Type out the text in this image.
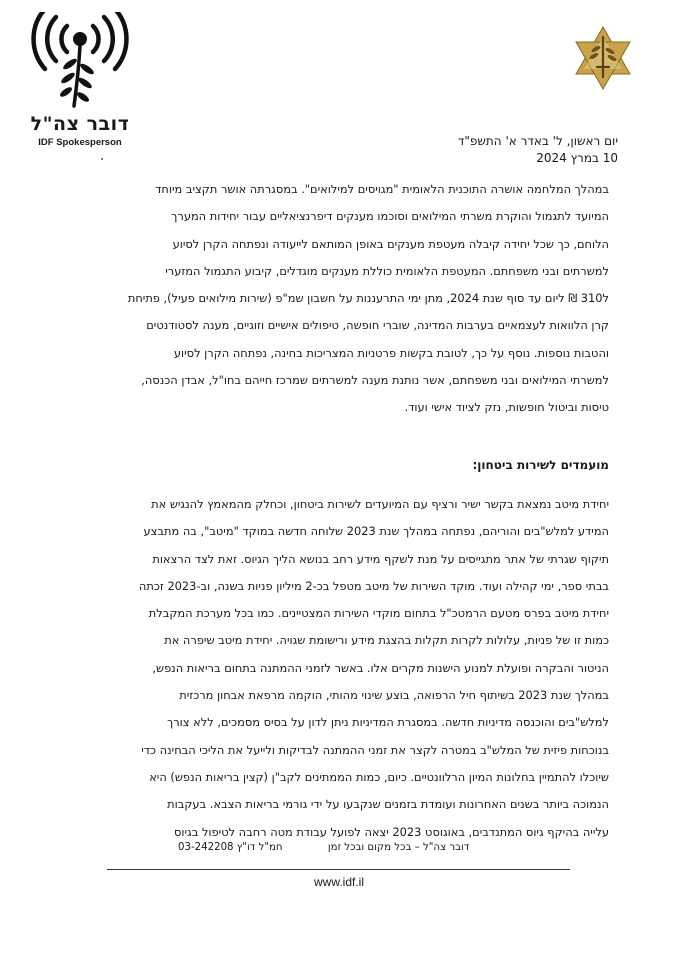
דובר צה"ל
IDF Spokesperson	יום ראשון, ל' באדר א' התשפ"ד
10 במרץ 2024
במהלך המלחמה אושרה התוכנית הלאומית "מגויסים למילואים". במסגרתה אושר תקציב מיוחד
המיועד לתגמול והוקרת משרתי המילואים וסוכמו מענקים דיפרנציאליים עבור יחידות המערך
הלוחם, כך שכל יחידה קיבלה מעטפת מענקים באופן המותאם לייעודה ונפתחה הקרן לסיוע
למשרתים ובני משפחתם. המעטפת הלאומית כוללת מענקים מוגדלים, קיבוע התגמול המזערי
ל310 ₪ ליום עד סוף שנת 2024, מתן ימי התרעננות על חשבון שמ"פ (שירות מילואים פעיל), פתיחת
קרן הלוואות לעצמאיים בערבות המדינה, שוברי חופשה, טיפולים אישיים וזוגיים, מענה לסטודנטים
והטבות נוספות. נוסף על כך, לטובת בקשות פרטניות המצריכות בחינה, נפתחה הקרן לסיוע
למשרתי המילואים ובני משפחתם, אשר נותנת מענה למשרתים שמרכז חייהם בחו"ל, אבדן הכנסה,
טיסות וביטול חופשות, נזק לציוד אישי ועוד.
מועמדים לשירות ביטחון:
יחידת מיטב נמצאת בקשר ישיר ורציף עם המיועדים לשירות ביטחון, וכחלק מהמאמץ להנגיש את
המידע למלש"בים והוריהם, נפתחה במהלך שנת 2023 שלוחה חדשה במוקד "מיטב", בה מתבצע
תיקוף שגרתי של אתר מתגייסים על מנת לשקף מידע רחב בנושא הליך הגיוס. זאת לצד הרצאות
בבתי ספר, ימי קהילה ועוד. מוקד השירות של מיטב מטפל בכ-2 מיליון פניות בשנה, וב-2023 זכתה
יחידת מיטב בפרס מטעם הרמטכ"ל בתחום מוקדי השירות המצטיינים. כמו בכל מערכת המקבלת
כמות זו של פניות, עלולות לקרות תקלות בהצגת מידע ורישומת שגויה. יחידת מיטב שיפרה את
הניטור והבקרה ופועלת למנוע הישנות מקרים אלו. באשר לזמני ההמתנה בתחום בריאות הנפש,
במהלך שנת 2023 בשיתוף חיל הרפואה, בוצע שינוי מהותי, הוקמה מרפאת אבחון מרכזית
למלש"בים והוכנסה מדיניות חדשה. במסגרת המדיניות ניתן לדון על בסיס מסמכים, ללא צורך
בנוכחות פיזית של המלש"ב במטרה לקצר את זמני ההמתנה לבדיקות ולייעל את הליכי הבחינה כדי
שיוכלו להתמיין בחלונות המיון הרלוונטיים. כיום, כמות הממתינים לקב"ן (קצין בריאות הנפש) היא
הנמוכה ביותר בשנים האחרונות ועומדת בזמנים שנקבעו על ידי גורמי בריאות הצבא. בעקבות
עלייה בהיקף גיוס המתנדבים, באוגוסט 2023 יצאה לפועל עבודת מטה רחבה לטיפול בגיוס
דובר צה"ל – בכל מקום ובכל זמן חמ"ל דו"ץ 03-242208
www.idf.il
